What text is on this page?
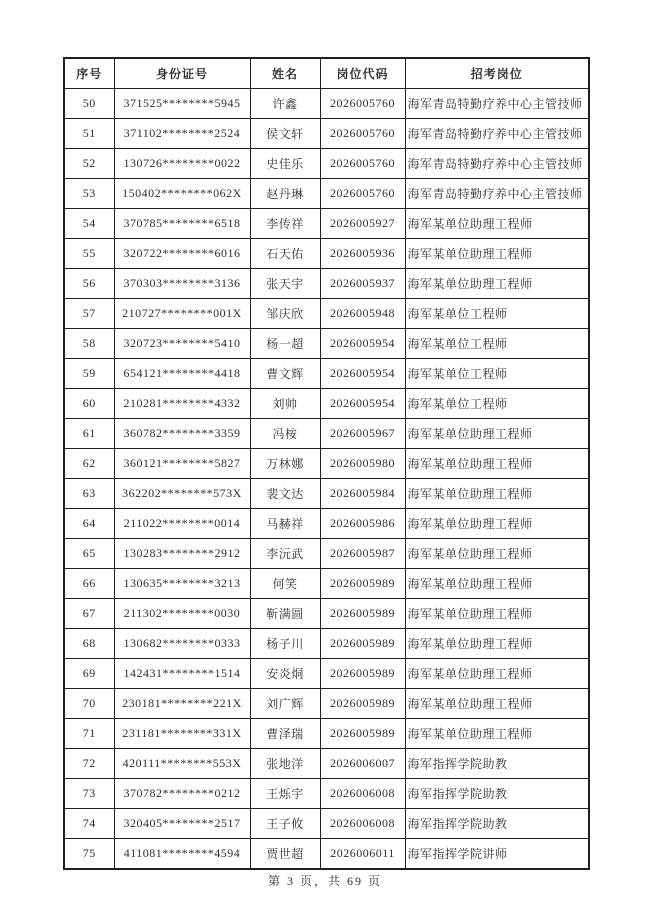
序号	身份证号	姓名	岗位代码	招考岗位
50	371525********5945	许鑫	2026005760	海军青岛特勤疗养中心主管技师
51	371102********2524	侯文轩	2026005760	海军青岛特勤疗养中心主管技师
52	130726********0022	史佳乐	2026005760	海军青岛特勤疗养中心主管技师
53	150402********062X	赵丹琳	2026005760	海军青岛特勤疗养中心主管技师
54	370785********6518	李传祥	2026005927	海军某单位助理工程师
55	320722********6016	石天佑	2026005936	海军某单位助理工程师
56	370303********3136	张天宇	2026005937	海军某单位助理工程师
57	210727********001X	邹庆欣	2026005948	海军某单位工程师
58	320723********5410	杨一超	2026005954	海军某单位工程师
59	654121********4418	曹文辉	2026005954	海军某单位工程师
60	210281********4332	刘帅	2026005954	海军某单位工程师
61	360782********3359	冯桉	2026005967	海军某单位助理工程师
62	360121********5827	万林娜	2026005980	海军某单位助理工程师
63	362202********573X	裴文达	2026005984	海军某单位助理工程师
64	211022********0014	马赫祥	2026005986	海军某单位助理工程师
65	130283********2912	李沅武	2026005987	海军某单位助理工程师
66	130635********3213	何笑	2026005989	海军某单位助理工程师
67	211302********0030	靳满圆	2026005989	海军某单位助理工程师
68	130682********0333	杨子川	2026005989	海军某单位助理工程师
69	142431********1514	安炎烔	2026005989	海军某单位助理工程师
70	230181********221X	刘广辉	2026005989	海军某单位助理工程师
71	231181********331X	曹泽瑞	2026005989	海军某单位助理工程师
72	420111********553X	张地洋	2026006007	海军指挥学院助教
73	370782********0212	王烁宇	2026006008	海军指挥学院助教
74	320405********2517	王子攸	2026006008	海军指挥学院助教
75	411081********4594	贾世超	2026006011	海军指挥学院讲师
第 3 页，共 69 页
